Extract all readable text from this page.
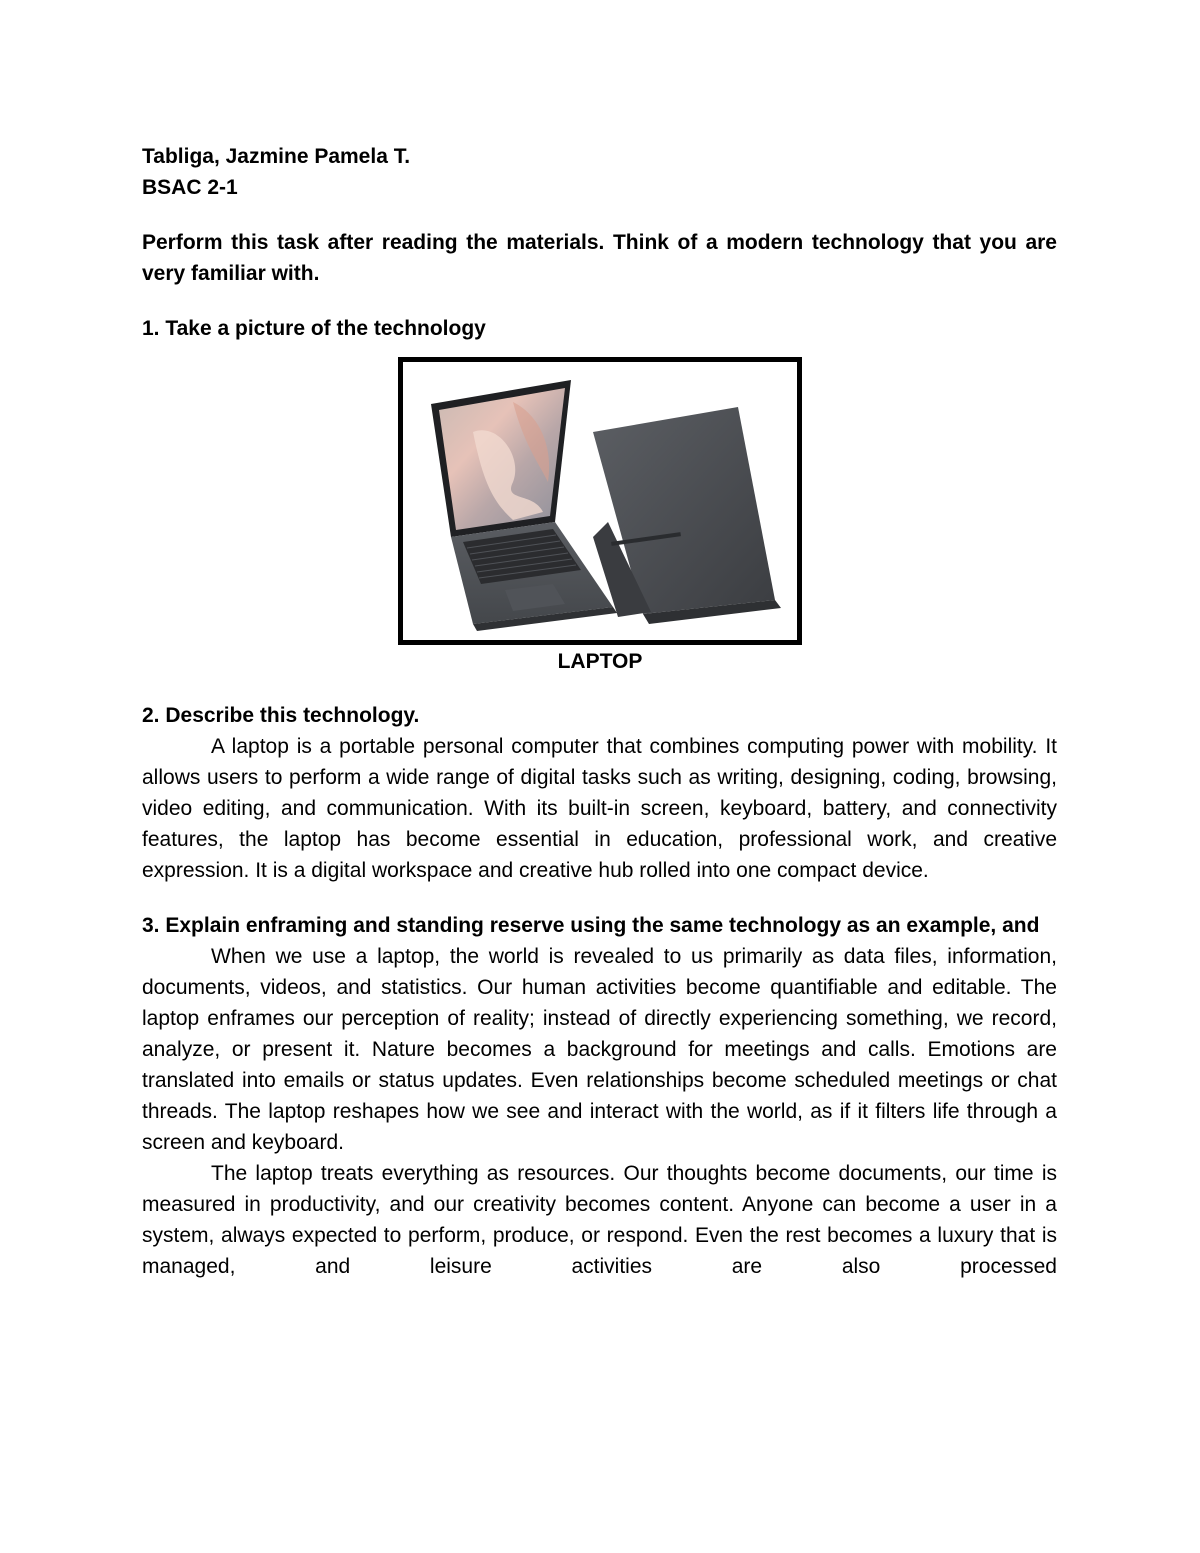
Tabliga, Jazmine Pamela T.

BSAC 2-1

Perform this task after reading the materials. Think of a modern technology that you are very familiar with.

1. Take a picture of the technology

LAPTOP

2. Describe this technology.

A laptop is a portable personal computer that combines computing power with mobility. It allows users to perform a wide range of digital tasks such as writing, designing, coding, browsing, video editing, and communication. With its built-in screen, keyboard, battery, and connectivity features, the laptop has become essential in education, professional work, and creative expression. It is a digital workspace and creative hub rolled into one compact device.

3. Explain enframing and standing reserve using the same technology as an example, and

When we use a laptop, the world is revealed to us primarily as data files, information, documents, videos, and statistics. Our human activities become quantifiable and editable. The laptop enframes our perception of reality; instead of directly experiencing something, we record, analyze, or present it. Nature becomes a background for meetings and calls. Emotions are translated into emails or status updates. Even relationships become scheduled meetings or chat threads. The laptop reshapes how we see and interact with the world, as if it filters life through a screen and keyboard.

The laptop treats everything as resources. Our thoughts become documents, our time is measured in productivity, and our creativity becomes content. Anyone can become a user in a system, always expected to perform, produce, or respond. Even the rest becomes a luxury that is managed, and leisure activities are also processed
